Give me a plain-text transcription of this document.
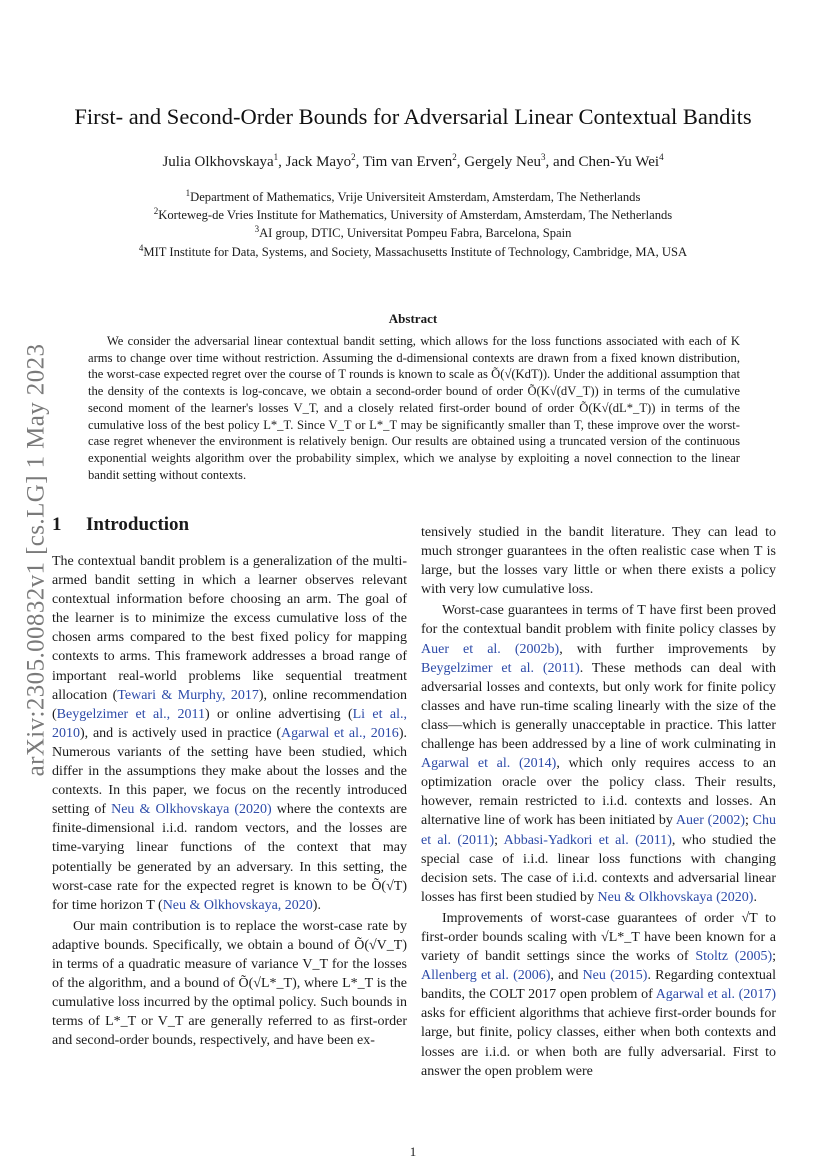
arXiv:2305.00832v1 [cs.LG] 1 May 2023
First- and Second-Order Bounds for Adversarial Linear Contextual Bandits
Julia Olkhovskaya$^1$, Jack Mayo$^2$, Tim van Erven$^2$, Gergely Neu$^3$, and Chen-Yu Wei$^4$
$^1$Department of Mathematics, Vrije Universiteit Amsterdam, Amsterdam, The Netherlands
$^2$Korteweg-de Vries Institute for Mathematics, University of Amsterdam, Amsterdam, The Netherlands
$^3$AI group, DTIC, Universitat Pompeu Fabra, Barcelona, Spain
$^4$MIT Institute for Data, Systems, and Society, Massachusetts Institute of Technology, Cambridge, MA, USA
Abstract
We consider the adversarial linear contextual bandit setting, which allows for the loss functions associated with each of K arms to change over time without restriction. Assuming the d-dimensional contexts are drawn from a fixed known distribution, the worst-case expected regret over the course of T rounds is known to scale as Õ(√(KdT)). Under the additional assumption that the density of the contexts is log-concave, we obtain a second-order bound of order Õ(K√(dV_T)) in terms of the cumulative second moment of the learner's losses V_T, and a closely related first-order bound of order Õ(K√(dL*_T)) in terms of the cumulative loss of the best policy L*_T. Since V_T or L*_T may be significantly smaller than T, these improve over the worst-case regret whenever the environment is relatively benign. Our results are obtained using a truncated version of the continuous exponential weights algorithm over the probability simplex, which we analyse by exploiting a novel connection to the linear bandit setting without contexts.
1 Introduction

The contextual bandit problem is a generalization of the multi-armed bandit setting in which a learner observes relevant contextual information before choosing an arm. The goal of the learner is to minimize the excess cumulative loss of the chosen arms compared to the best fixed policy for mapping contexts to arms. This framework addresses a broad range of important real-world problems like sequential treatment allocation (Tewari & Murphy, 2017), online recommendation (Beygelzimer et al., 2011) or online advertising (Li et al., 2010), and is actively used in practice (Agarwal et al., 2016). Numerous variants of the setting have been studied, which differ in the assumptions they make about the losses and the contexts. In this paper, we focus on the recently introduced setting of Neu & Olkhovskaya (2020) where the contexts are finite-dimensional i.i.d. random vectors, and the losses are time-varying linear functions of the context that may potentially be generated by an adversary. In this setting, the worst-case rate for the expected regret is known to be Õ(√T) for time horizon T (Neu & Olkhovskaya, 2020).

Our main contribution is to replace the worst-case rate by adaptive bounds. Specifically, we obtain a bound of Õ(√V_T) in terms of a quadratic measure of variance V_T for the losses of the algorithm, and a bound of Õ(√L*_T), where L*_T is the cumulative loss incurred by the optimal policy. Such bounds in terms of L*_T or V_T are generally referred to as first-order and second-order bounds, respectively, and have been ex-

tensively studied in the bandit literature. They can lead to much stronger guarantees in the often realistic case when T is large, but the losses vary little or when there exists a policy with very low cumulative loss.

Worst-case guarantees in terms of T have first been proved for the contextual bandit problem with finite policy classes by Auer et al. (2002b), with further improvements by Beygelzimer et al. (2011). These methods can deal with adversarial losses and contexts, but only work for finite policy classes and have run-time scaling linearly with the size of the class—which is generally unacceptable in practice. This latter challenge has been addressed by a line of work culminating in Agarwal et al. (2014), which only requires access to an optimization oracle over the policy class. Their results, however, remain restricted to i.i.d. contexts and losses. An alternative line of work has been initiated by Auer (2002); Chu et al. (2011); Abbasi-Yadkori et al. (2011), who studied the special case of i.i.d. linear loss functions with changing decision sets. The case of i.i.d. contexts and adversarial linear losses has first been studied by Neu & Olkhovskaya (2020).

Improvements of worst-case guarantees of order √T to first-order bounds scaling with √L*_T have been known for a variety of bandit settings since the works of Stoltz (2005); Allenberg et al. (2006), and Neu (2015). Regarding contextual bandits, the COLT 2017 open problem of Agarwal et al. (2017) asks for efficient algorithms that achieve first-order bounds for large, but finite, policy classes, either when both contexts and losses are i.i.d. or when both are fully adversarial. First to answer the open problem were

1
